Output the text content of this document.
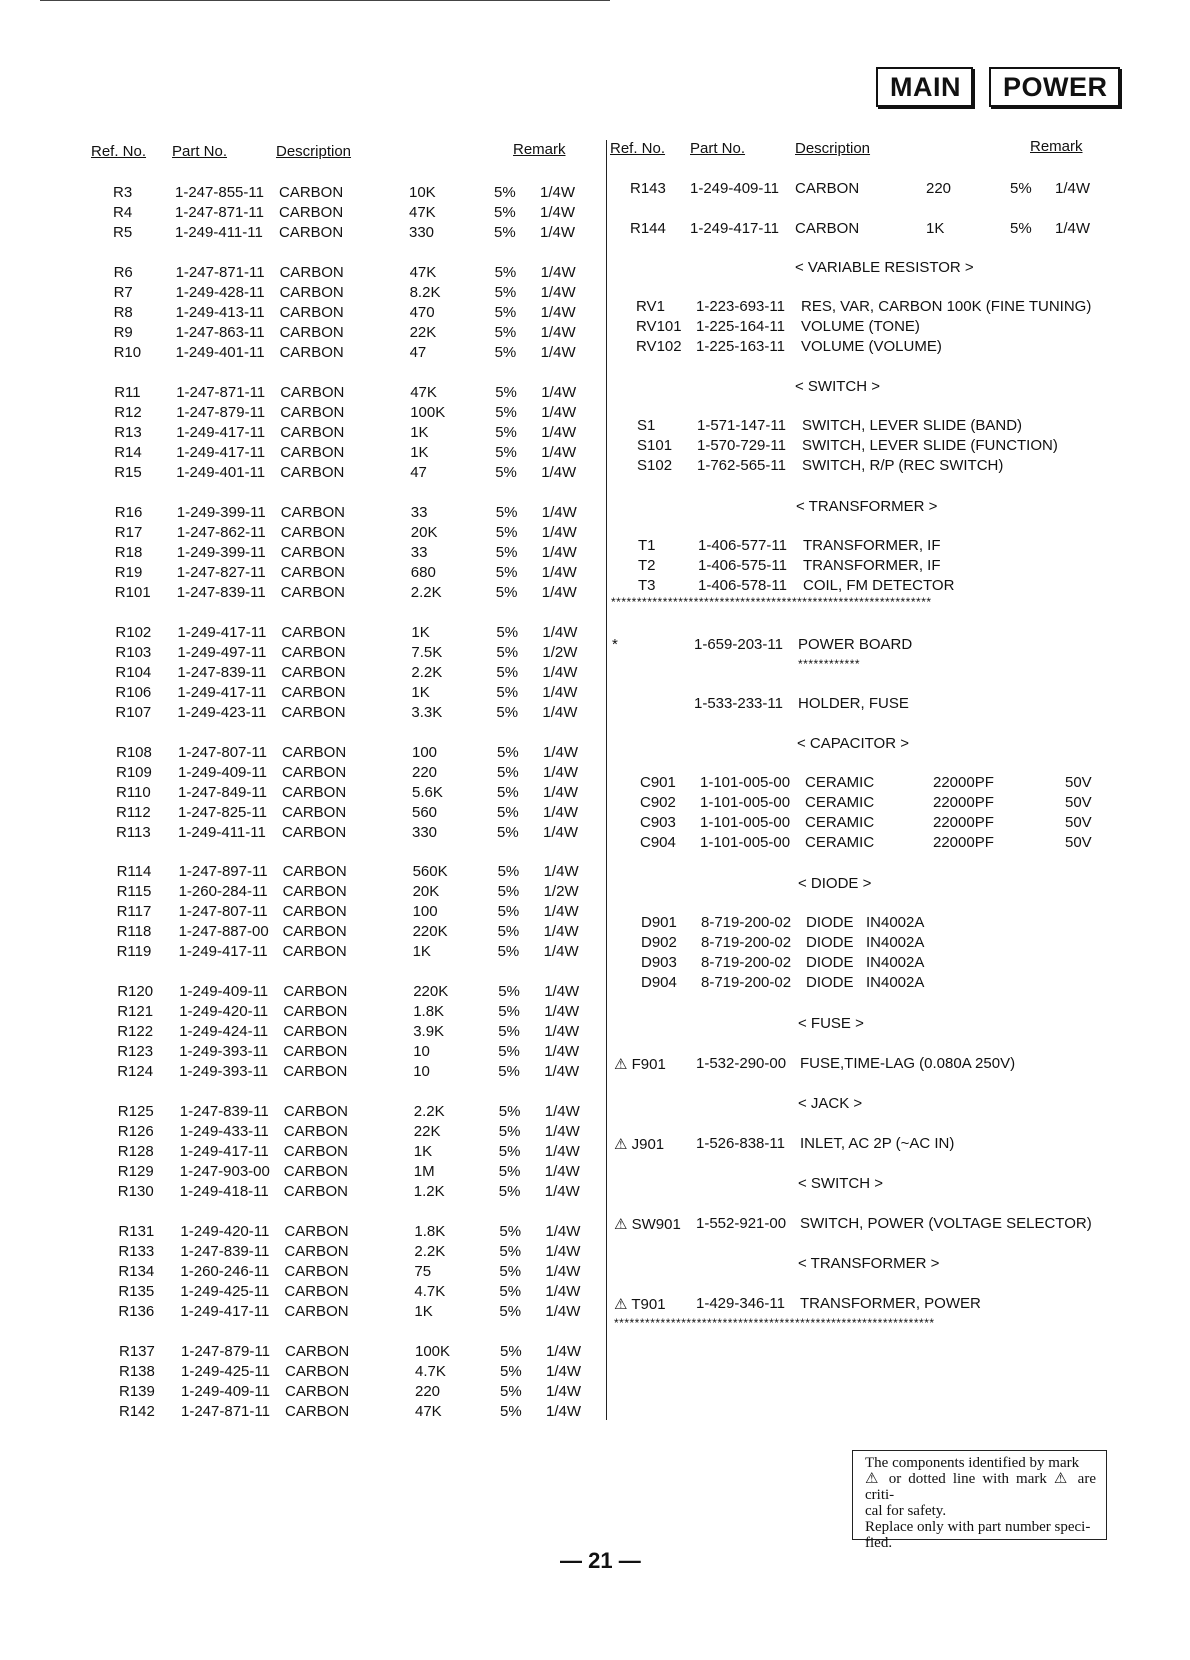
MAIN	POWER
Ref. No. Part No.	Description	Remark	Ref. No. Part No.	Description	Remark
R3	1-247-855-11 CARBON	10K	5% 1/4W
R4	1-247-871-11 CARBON	47K	5% 1/4W
R5	1-249-411-11 CARBON	330	5% 1/4W
R6	1-247-871-11 CARBON	47K	5% 1/4W
R7	1-249-428-11 CARBON	8.2K	5% 1/4W
R8	1-249-413-11 CARBON	470	5% 1/4W
R9	1-247-863-11 CARBON	22K	5% 1/4W
R10 1-249-401-11 CARBON	47	5% 1/4W
R11 1-247-871-11 CARBON	47K	5% 1/4W
R12 1-247-879-11 CARBON	100K	5% 1/4W
R13 1-249-417-11 CARBON	1K	5% 1/4W
R14 1-249-417-11 CARBON	1K	5% 1/4W
R15 1-249-401-11 CARBON	47	5% 1/4W
R16 1-249-399-11 CARBON	33	5% 1/4W
R17 1-247-862-11 CARBON	20K	5% 1/4W
R18 1-249-399-11 CARBON	33	5% 1/4W
R19 1-247-827-11 CARBON	680	5% 1/4W
R101 1-247-839-11 CARBON	2.2K	5% 1/4W
R102 1-249-417-11 CARBON	1K	5% 1/4W
R103 1-249-497-11 CARBON	7.5K	5% 1/2W
R104 1-247-839-11 CARBON	2.2K	5% 1/4W
R106 1-249-417-11 CARBON	1K	5% 1/4W
R107 1-249-423-11 CARBON	3.3K	5% 1/4W
R108 1-247-807-11 CARBON	100	5% 1/4W
R109 1-249-409-11 CARBON	220	5% 1/4W
R110 1-247-849-11 CARBON	5.6K	5% 1/4W
R112 1-247-825-11 CARBON	560	5% 1/4W
R113 1-249-411-11 CARBON	330	5% 1/4W
R114 1-247-897-11 CARBON	560K	5% 1/4W
R115 1-260-284-11 CARBON	20K	5% 1/2W
R117 1-247-807-11 CARBON	100	5% 1/4W
R118 1-247-887-00 CARBON	220K	5% 1/4W
R119 1-249-417-11 CARBON	1K	5% 1/4W
R120 1-249-409-11 CARBON	220K	5% 1/4W
R121 1-249-420-11 CARBON	1.8K	5% 1/4W
R122 1-249-424-11 CARBON	3.9K	5% 1/4W
R123 1-249-393-11 CARBON	10	5% 1/4W
R124 1-249-393-11 CARBON	10	5% 1/4W
R125 1-247-839-11 CARBON	2.2K	5% 1/4W
R126 1-249-433-11 CARBON	22K	5% 1/4W
R128 1-249-417-11 CARBON	1K	5% 1/4W
R129 1-247-903-00 CARBON	1M	5% 1/4W
R130 1-249-418-11 CARBON	1.2K	5% 1/4W
R131 1-249-420-11 CARBON	1.8K	5% 1/4W
R133 1-247-839-11 CARBON	2.2K	5% 1/4W
R134 1-260-246-11 CARBON	75	5% 1/4W
R135 1-249-425-11 CARBON	4.7K	5% 1/4W
R136 1-249-417-11 CARBON	1K	5% 1/4W
R137 1-247-879-11 CARBON	100K	5% 1/4W
R138 1-249-425-11 CARBON	4.7K	5% 1/4W
R139 1-249-409-11 CARBON	220	5% 1/4W
R142 1-247-871-11 CARBON	47K	5% 1/4W
R143 1-249-409-11 CARBON	220	5% 1/4W
R144 1-249-417-11 CARBON	1K	5% 1/4W
< VARIABLE RESISTOR >
RV1 1-223-693-11 RES, VAR, CARBON 100K (FINE TUNING)
RV101 1-225-164-11 VOLUME (TONE)
RV102 1-225-163-11 VOLUME (VOLUME)
< SWITCH >
S1	1-571-147-11 SWITCH, LEVER SLIDE (BAND)
S101 1-570-729-11 SWITCH, LEVER SLIDE (FUNCTION)
S102 1-762-565-11 SWITCH, R/P (REC SWITCH)
< TRANSFORMER >
T1	1-406-577-11 TRANSFORMER, IF
T2	1-406-575-11 TRANSFORMER, IF
T3	1-406-578-11 COIL, FM DETECTOR
**************************************************************
*	1-659-203-11 POWER BOARD
************
1-533-233-11 HOLDER, FUSE
< CAPACITOR >
C901 1-101-005-00 CERAMIC	22000PF	50V
C902 1-101-005-00 CERAMIC	22000PF	50V
C903 1-101-005-00 CERAMIC	22000PF	50V
C904 1-101-005-00 CERAMIC	22000PF	50V
< DIODE >
D901 8-719-200-02 DIODE IN4002A
D902 8-719-200-02 DIODE IN4002A
D903 8-719-200-02 DIODE IN4002A
D904 8-719-200-02 DIODE IN4002A
< FUSE >
⚠ F901 1-532-290-00 FUSE,TIME-LAG (0.080A 250V)
< JACK >
⚠ J901 1-526-838-11 INLET, AC 2P (~AC IN)
< SWITCH >
⚠ SW901 1-552-921-00 SWITCH, POWER (VOLTAGE SELECTOR)
< TRANSFORMER >
⚠ T901 1-429-346-11 TRANSFORMER, POWER
**************************************************************
The components identified by mark
⚠ or dotted line with mark ⚠ are criti-
cal for safety.
Replace only with part number speci-
fied.
— 21 —
